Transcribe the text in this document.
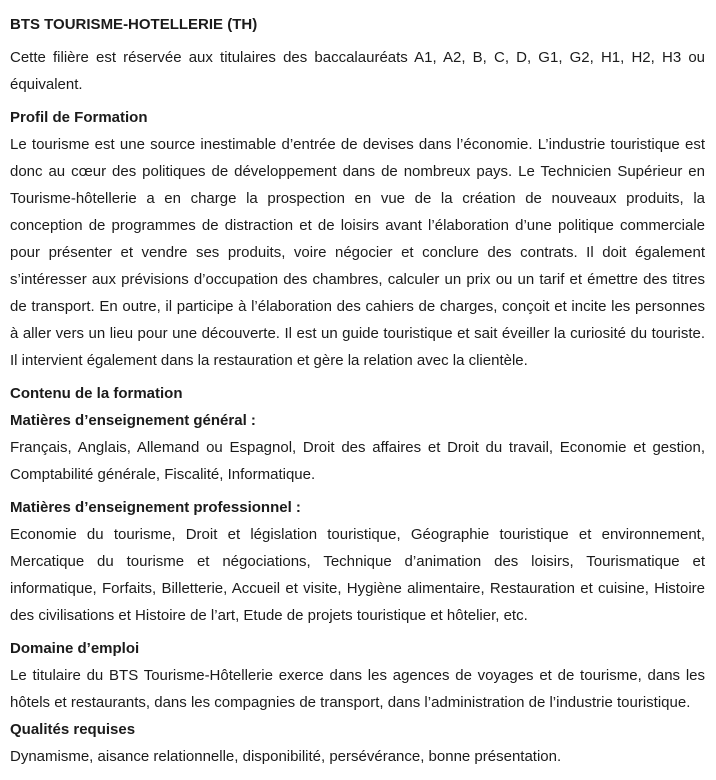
BTS TOURISME-HOTELLERIE (TH)

Cette filière est réservée aux titulaires des baccalauréats A1, A2, B, C, D, G1, G2, H1, H2, H3 ou équivalent.

Profil de Formation

Le tourisme est une source inestimable d’entrée de devises dans l’économie. L’industrie touristique est donc au cœur des politiques de développement dans de nombreux pays. Le Technicien Supérieur en Tourisme-hôtellerie a en charge la prospection en vue de la création de nouveaux produits, la conception de programmes de distraction et de loisirs avant l’élaboration d’une politique commerciale pour présenter et vendre ses produits, voire négocier et conclure des contrats. Il doit également s’intéresser aux prévisions d’occupation des chambres, calculer un prix ou un tarif et émettre des titres de transport. En outre, il participe à l’élaboration des cahiers de charges, conçoit et incite les personnes à aller vers un lieu pour une découverte. Il est un guide touristique et sait éveiller la curiosité du touriste. Il intervient également dans la restauration et gère la relation avec la clientèle.

Contenu de la formation
Matières d’enseignement général :

Français, Anglais, Allemand ou Espagnol, Droit des affaires et Droit du travail, Economie et gestion, Comptabilité générale, Fiscalité, Informatique.

Matières d’enseignement professionnel :

Economie du tourisme, Droit et législation touristique, Géographie touristique et environnement, Mercatique du tourisme et négociations, Technique d’animation des loisirs, Tourismatique et informatique, Forfaits, Billetterie, Accueil et visite, Hygiène alimentaire, Restauration et cuisine, Histoire des civilisations et Histoire de l’art, Etude de projets touristique et hôtelier, etc.

Domaine d’emploi

Le titulaire du BTS Tourisme-Hôtellerie exerce dans les agences de voyages et de tourisme, dans les hôtels et restaurants, dans les compagnies de transport, dans l’administration de l’industrie touristique.

Qualités requises

Dynamisme, aisance relationnelle, disponibilité, persévérance, bonne présentation.
